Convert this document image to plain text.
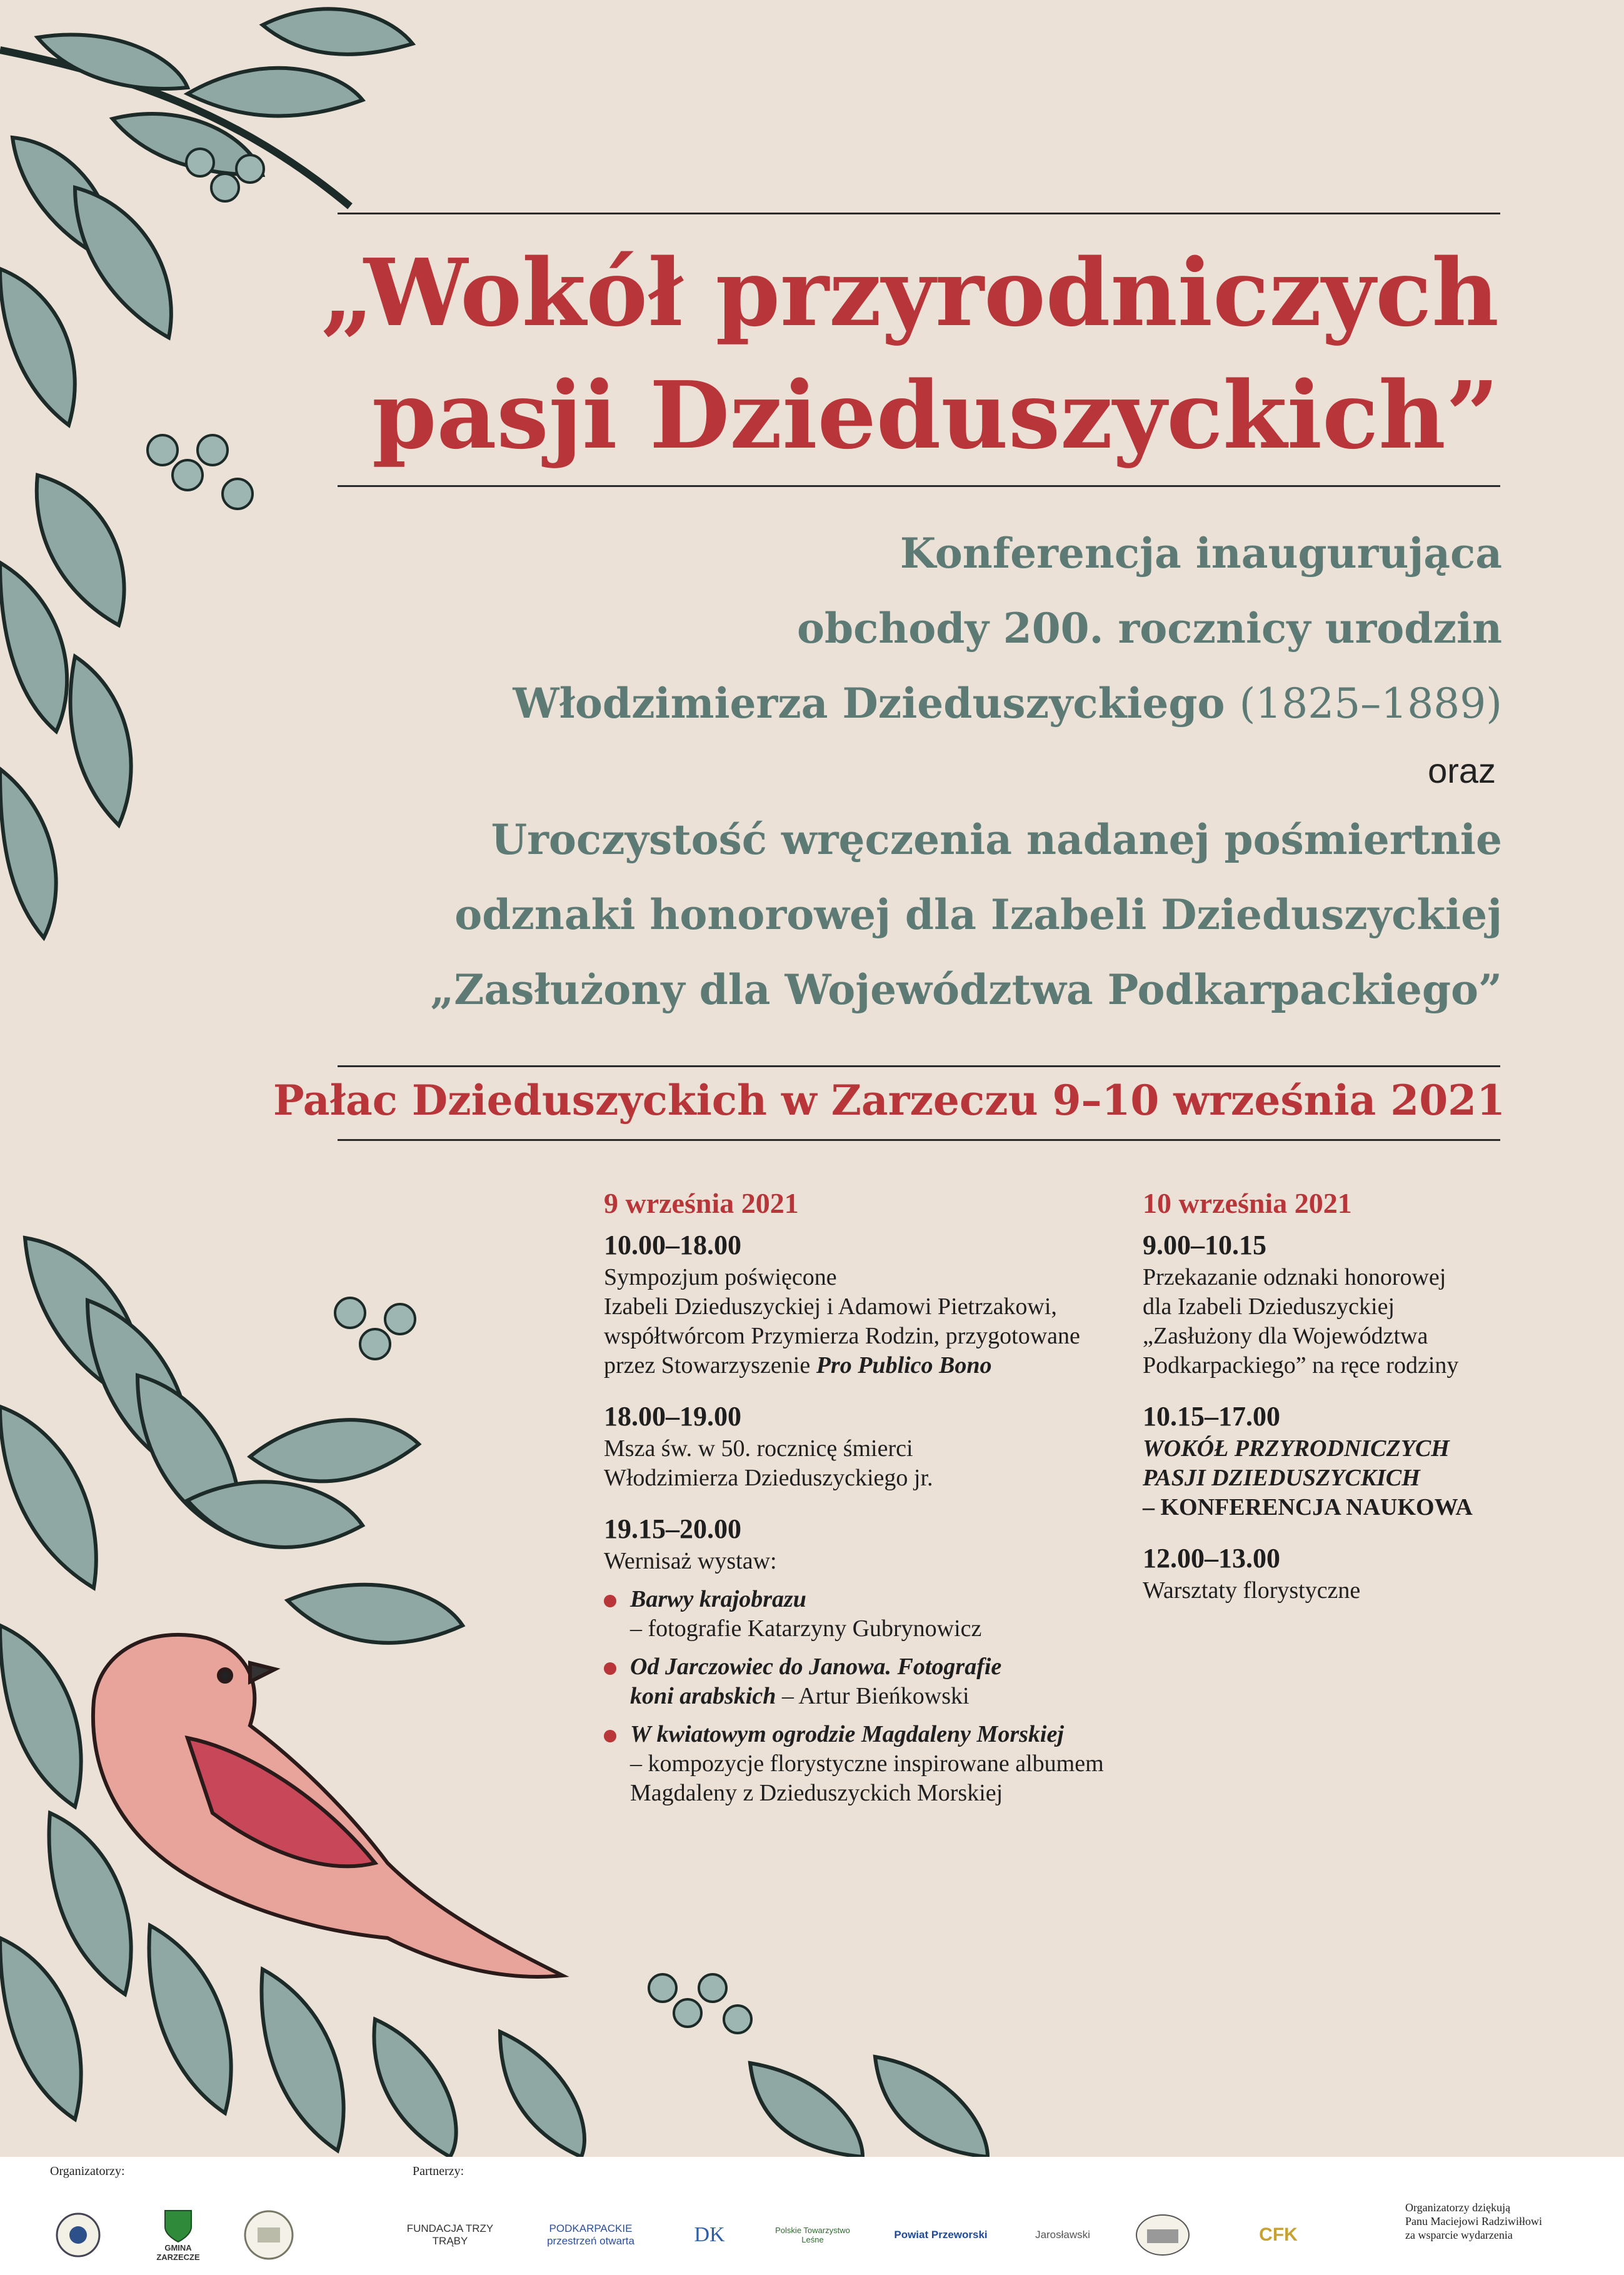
„Wokół przyrodniczych
pasji Dzieduszyckich”
Konferencja inaugurująca
obchody 200. rocznicy urodzin
Włodzimierza Dzieduszyckiego (1825–1889)
oraz
Uroczystość wręczenia nadanej pośmiertnie
odznaki honorowej dla Izabeli Dzieduszyckiej
„Zasłużony dla Województwa Podkarpackiego”
Pałac Dzieduszyckich w Zarzeczu 9–10 września 2021
9 września 2021
10.00–18.00
Sympozjum poświęcone
Izabeli Dzieduszyckiej i Adamowi Pietrzakowi,
współtwórcom Przymierza Rodzin, przygotowane
przez Stowarzyszenie Pro Publico Bono
18.00–19.00
Msza św. w 50. rocznicę śmierci
Włodzimierza Dzieduszyckiego jr.
19.15–20.00
Wernisaż wystaw:
Barwy krajobrazu
– fotografie Katarzyny Gubrynowicz
Od Jarczowiec do Janowa. Fotografie
koni arabskich – Artur Bieńkowski
W kwiatowym ogrodzie Magdaleny Morskiej
– kompozycje florystyczne inspirowane albumem
Magdaleny z Dzieduszyckich Morskiej
10 września 2021
9.00–10.15
Przekazanie odznaki honorowej
dla Izabeli Dzieduszyckiej
„Zasłużony dla Województwa
Podkarpackiego” na ręce rodziny
10.15–17.00
WOKÓŁ PRZYRODNICZYCH
PASJI DZIEDUSZYCKICH
– KONFERENCJA NAUKOWA
12.00–13.00
Warsztaty florystyczne
Organizatorzy:	Partnerzy:
GMINA ZARZECZE
FUNDACJA TRZY TRĄBY
PODKARPACKIE przestrzeń otwarta	DK	Polskie Towarzystwo Leśne	Powiat Przeworski	Jarosławski	CFK
Organizatorzy dziękują
Panu Maciejowi Radziwiłłowi
za wsparcie wydarzenia
